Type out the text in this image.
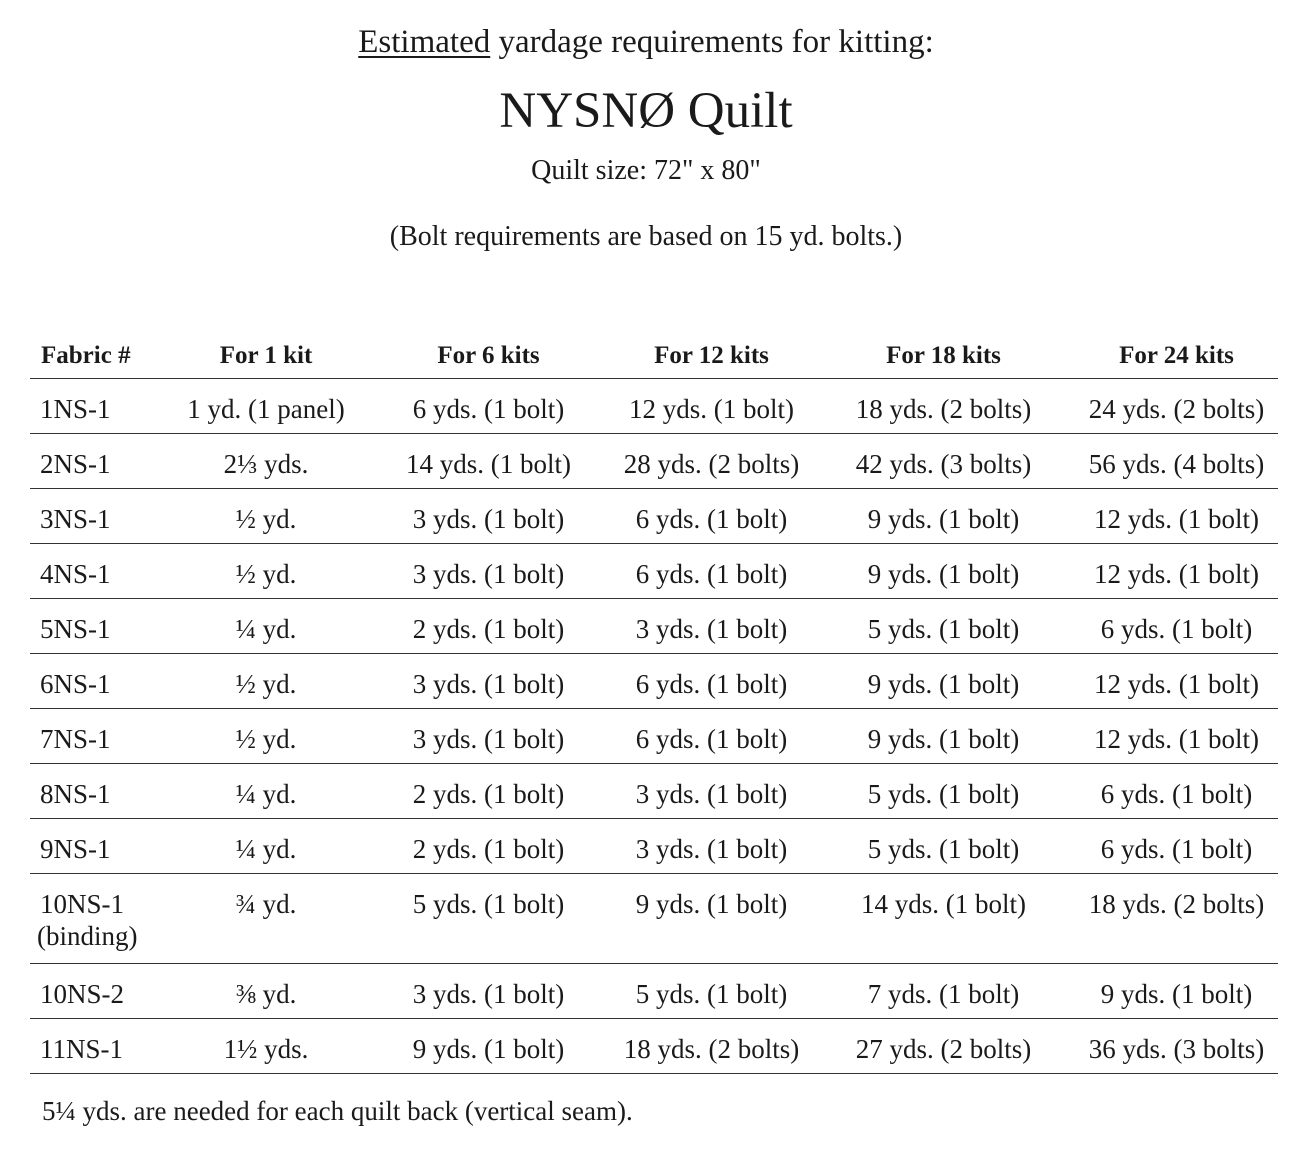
Estimated yardage requirements for kitting:
NYSNØ Quilt
Quilt size: 72" x 80"
(Bolt requirements are based on 15 yd. bolts.)
Fabric #	For 1 kit	For 6 kits	For 12 kits	For 18 kits	For 24 kits
1NS-1	1 yd. (1 panel)	6 yds. (1 bolt)	12 yds. (1 bolt)	18 yds. (2 bolts)	24 yds. (2 bolts)
2NS-1	2⅓ yds.	14 yds. (1 bolt)	28 yds. (2 bolts)	42 yds. (3 bolts)	56 yds. (4 bolts)
3NS-1	½ yd.	3 yds. (1 bolt)	6 yds. (1 bolt)	9 yds. (1 bolt)	12 yds. (1 bolt)
4NS-1	½ yd.	3 yds. (1 bolt)	6 yds. (1 bolt)	9 yds. (1 bolt)	12 yds. (1 bolt)
5NS-1	¼ yd.	2 yds. (1 bolt)	3 yds. (1 bolt)	5 yds. (1 bolt)	6 yds. (1 bolt)
6NS-1	½ yd.	3 yds. (1 bolt)	6 yds. (1 bolt)	9 yds. (1 bolt)	12 yds. (1 bolt)
7NS-1	½ yd.	3 yds. (1 bolt)	6 yds. (1 bolt)	9 yds. (1 bolt)	12 yds. (1 bolt)
8NS-1	¼ yd.	2 yds. (1 bolt)	3 yds. (1 bolt)	5 yds. (1 bolt)	6 yds. (1 bolt)
9NS-1	¼ yd.	2 yds. (1 bolt)	3 yds. (1 bolt)	5 yds. (1 bolt)	6 yds. (1 bolt)
10NS-1
(binding)	¾ yd.	5 yds. (1 bolt)	9 yds. (1 bolt)	14 yds. (1 bolt)	18 yds. (2 bolts)
10NS-2	⅜ yd.	3 yds. (1 bolt)	5 yds. (1 bolt)	7 yds. (1 bolt)	9 yds. (1 bolt)
11NS-1	1½ yds.	9 yds. (1 bolt)	18 yds. (2 bolts)	27 yds. (2 bolts)	36 yds. (3 bolts)
5¼ yds. are needed for each quilt back (vertical seam).
